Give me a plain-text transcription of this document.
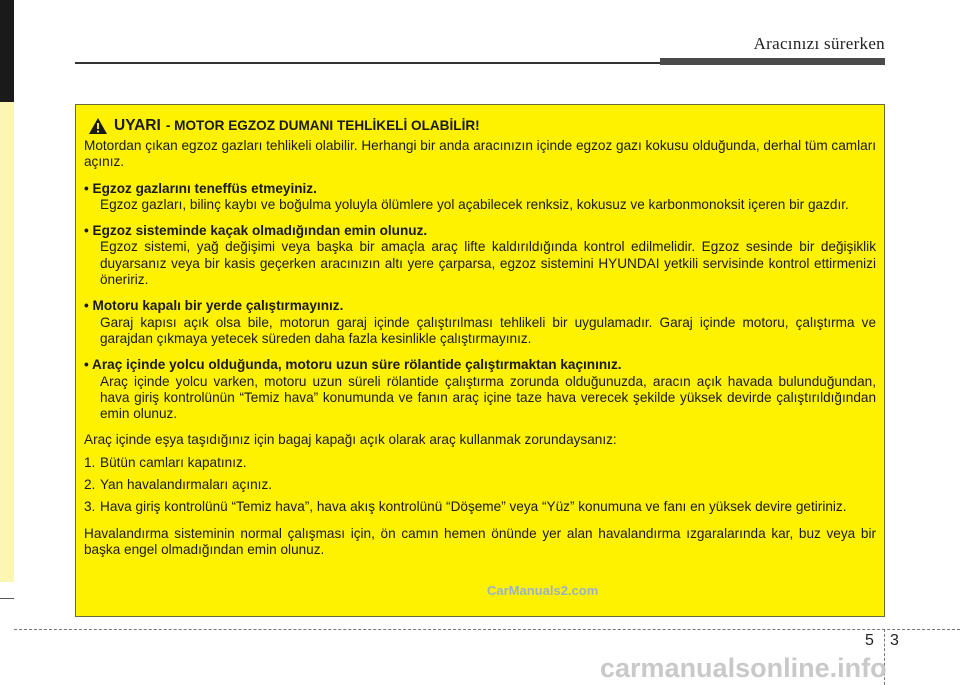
Aracınızı sürerken
UYARI - MOTOR EGZOZ DUMANI TEHLİKELİ OLABİLİR!

Motordan çıkan egzoz gazları tehlikeli olabilir. Herhangi bir anda aracınızın içinde egzoz gazı kokusu olduğunda, derhal tüm camları açınız.

• Egzoz gazlarını teneffüs etmeyiniz.

Egzoz gazları, bilinç kaybı ve boğulma yoluyla ölümlere yol açabilecek renksiz, kokusuz ve karbonmonoksit içeren bir gazdır.

• Egzoz sisteminde kaçak olmadığından emin olunuz.

Egzoz sistemi, yağ değişimi veya başka bir amaçla araç lifte kaldırıldığında kontrol edilmelidir. Egzoz sesinde bir değişiklik duyarsanız veya bir kasis geçerken aracınızın altı yere çarparsa, egzoz sistemini HYUNDAI yetkili servisinde kontrol ettirmenizi öneririz.

• Motoru kapalı bir yerde çalıştırmayınız.

Garaj kapısı açık olsa bile, motorun garaj içinde çalıştırılması tehlikeli bir uygulamadır. Garaj içinde motoru, çalıştırma ve garajdan çıkmaya yetecek süreden daha fazla kesinlikle çalıştırmayınız.

• Araç içinde yolcu olduğunda, motoru uzun süre rölantide çalıştırmaktan kaçınınız.

Araç içinde yolcu varken, motoru uzun süreli rölantide çalıştırma zorunda olduğunuzda, aracın açık havada bulunduğundan, hava giriş kontrolünün “Temiz hava” konumunda ve fanın araç içine taze hava verecek şekilde yüksek devirde çalıştırıldığından emin olunuz.

Araç içinde eşya taşıdığınız için bagaj kapağı açık olarak araç kullanmak zorundaysanız:

1. Bütün camları kapatınız.
2. Yan havalandırmaları açınız.
3. Hava giriş kontrolünü “Temiz hava”, hava akış kontrolünü “Döşeme” veya “Yüz” konumuna ve fanı en yüksek devire getiriniz.

Havalandırma sisteminin normal çalışması için, ön camın hemen önünde yer alan havalandırma ızgaralarında kar, buz veya bir başka engel olmadığından emin olunuz.

CarManuals2.com
5 3
carmanualsonline.info
